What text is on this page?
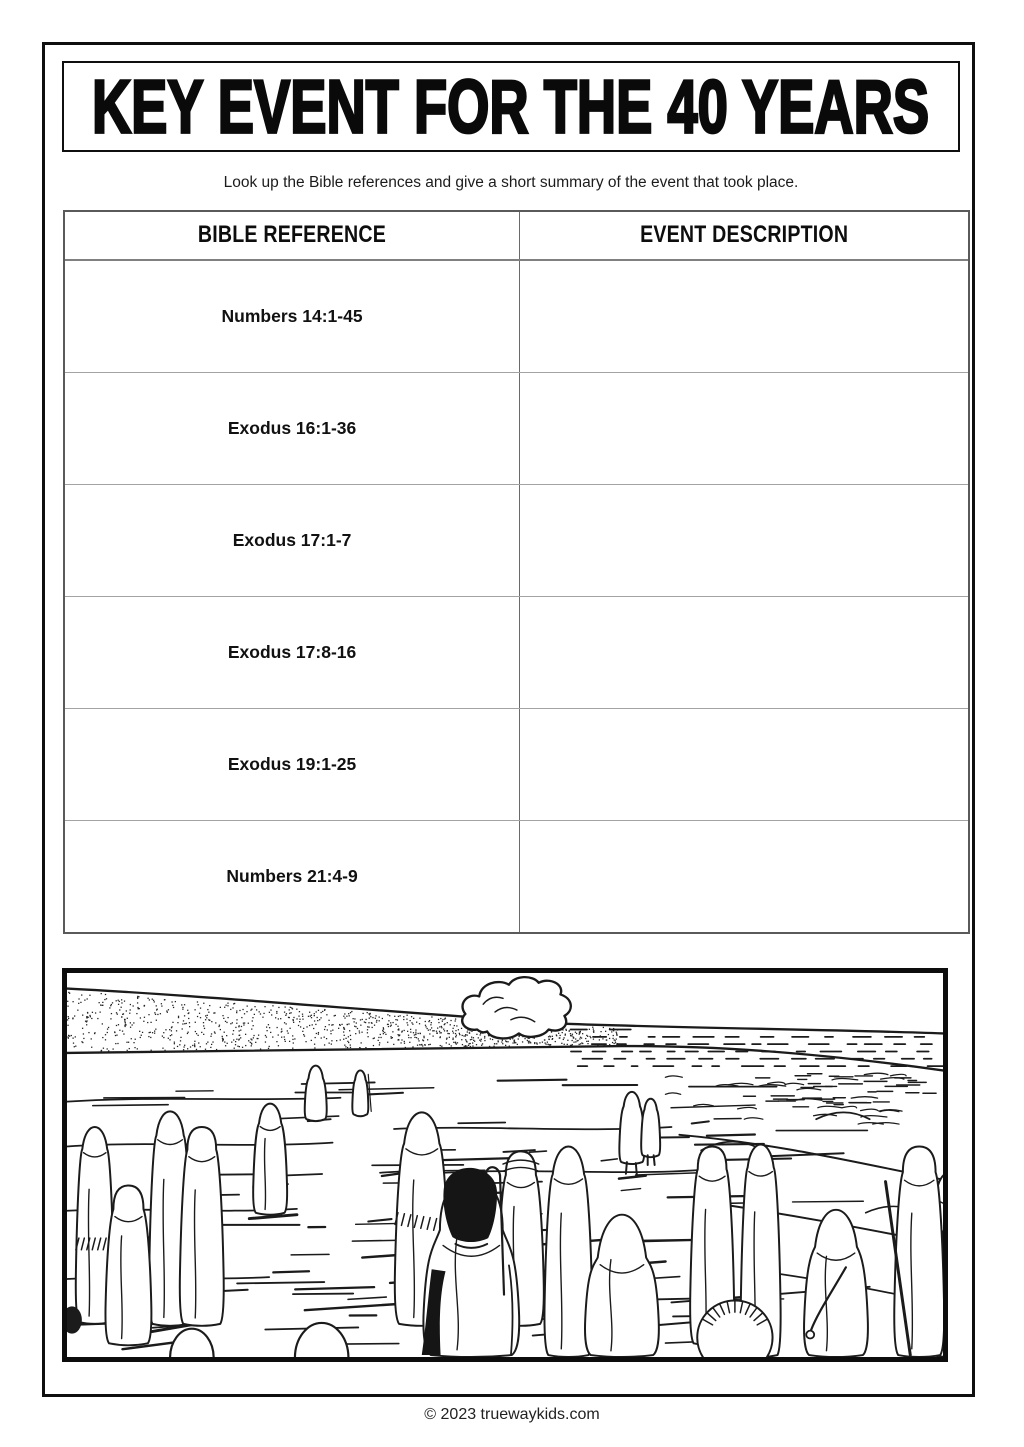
KEY EVENT FOR THE 40 YEARS
Look up the Bible references and give a short summary of the event that took place.
BIBLE REFERENCE	EVENT DESCRIPTION
Numbers 14:1-45
Exodus 16:1-36
Exodus 17:1-7
Exodus 17:8-16
Exodus 19:1-25
Numbers 21:4-9
© 2023 truewaykids.com
